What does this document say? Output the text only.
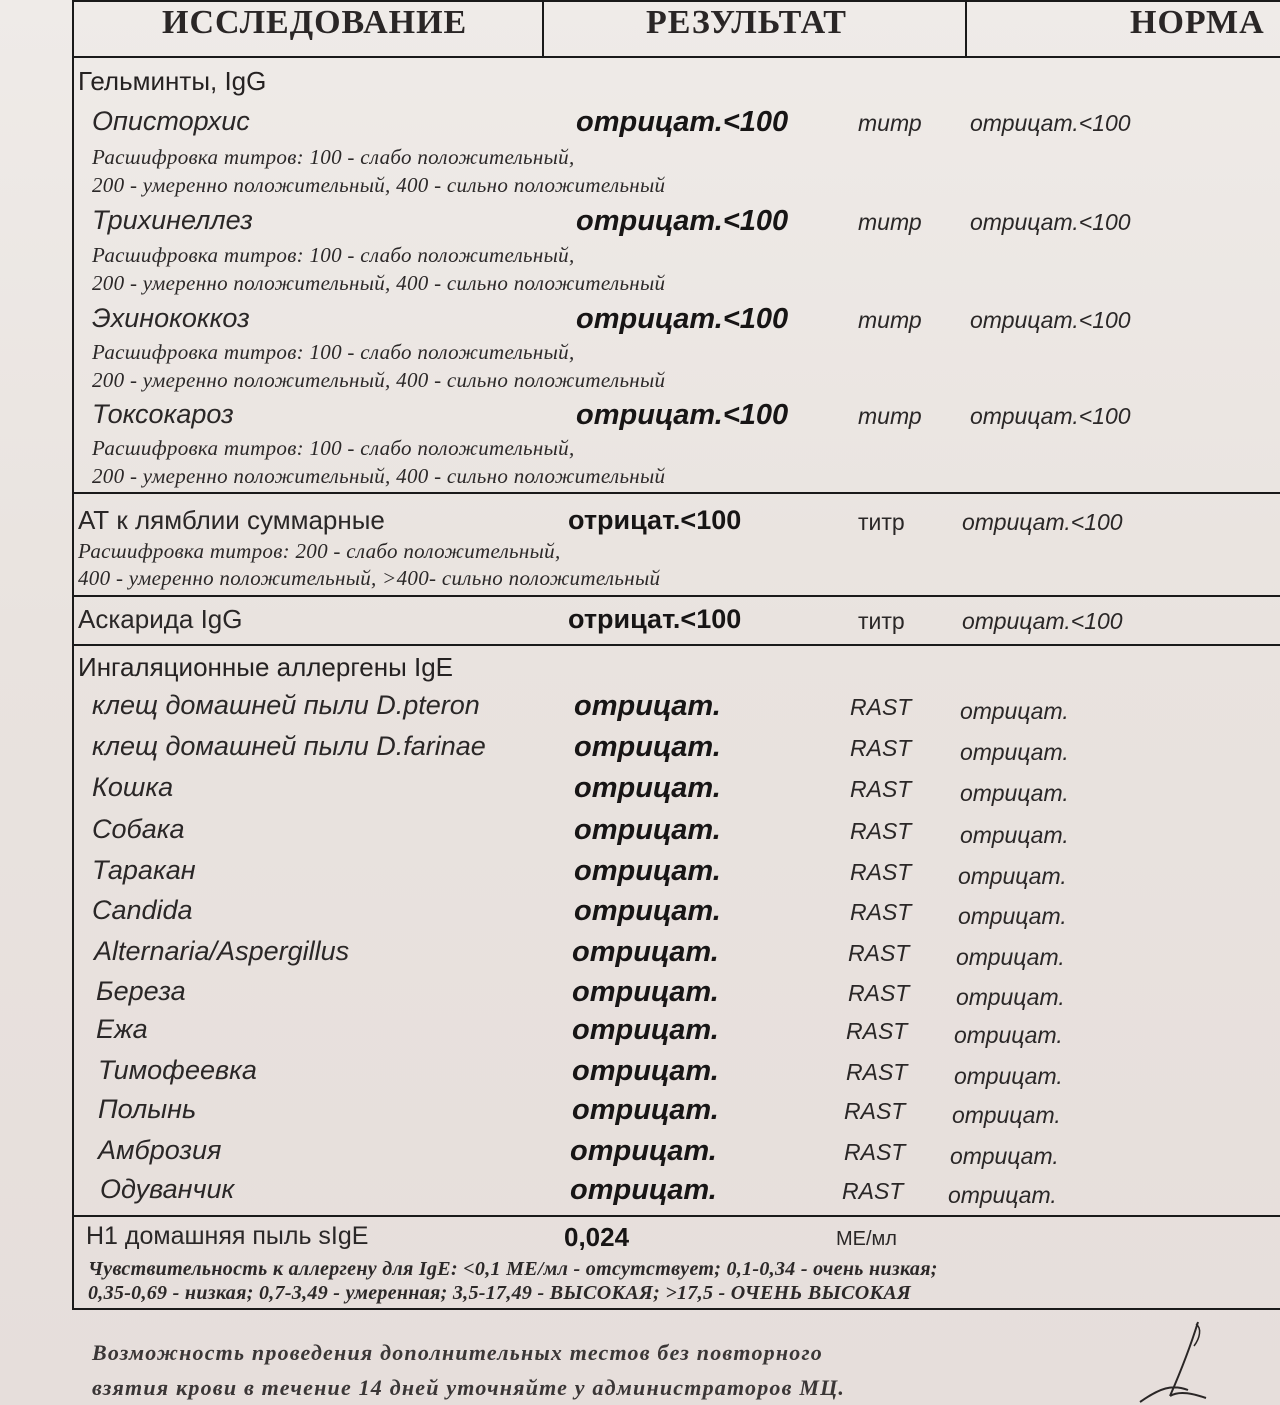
ИССЛЕДОВАНИЕ	РЕЗУЛЬТАТ	НОРМА
Гельминты, IgG
Описторхис	отрицат.<100	титр отрицат.<100
Расшифровка титров: 100 - слабо положительный,
200 - умеренно положительный, 400 - сильно положительный
Трихинеллез	отрицат.<100	титр отрицат.<100
Расшифровка титров: 100 - слабо положительный,
200 - умеренно положительный, 400 - сильно положительный
Эхинококкоз	отрицат.<100	титр отрицат.<100
Расшифровка титров: 100 - слабо положительный,
200 - умеренно положительный, 400 - сильно положительный
Токсокароз	отрицат.<100	титр отрицат.<100
Расшифровка титров: 100 - слабо положительный,
200 - умеренно положительный, 400 - сильно положительный
АТ к лямблии суммарные	отрицат.<100	титр отрицат.<100
Расшифровка титров: 200 - слабо положительный,
400 - умеренно положительный, >400- сильно положительный
Аскарида IgG	отрицат.<100	титр отрицат.<100
Ингаляционные аллергены IgE
клещ домашней пыли D.pteron	отрицат.	RAST отрицат.
клещ домашней пыли D.farinae	отрицат.	RAST отрицат.
Кошка	отрицат.	RAST отрицат.
Собака	отрицат.	RAST отрицат.
Таракан	отрицат.	RAST отрицат.
Candida	отрицат.	RAST отрицат.
Alternaria/Aspergillus	отрицат.	RAST отрицат.
Береза	отрицат.	RAST отрицат.
Ежа	отрицат.	RAST отрицат.
Тимофеевка	отрицат.	RAST отрицат.
Полынь	отрицат.	RAST отрицат.
Амброзия	отрицат.	RAST отрицат.
Одуванчик	отрицат.	RAST отрицат.
H1 домашняя пыль sIgE	0,024	МЕ/мл
Чувствительность к аллергену для IgE: <0,1 МЕ/мл - отсутствует; 0,1-0,34 - очень низкая;
0,35-0,69 - низкая; 0,7-3,49 - умеренная; 3,5-17,49 - ВЫСОКАЯ; >17,5 - ОЧЕНЬ ВЫСОКАЯ
Возможность проведения дополнительных тестов без повторного
взятия крови в течение 14 дней уточняйте у администраторов МЦ.
